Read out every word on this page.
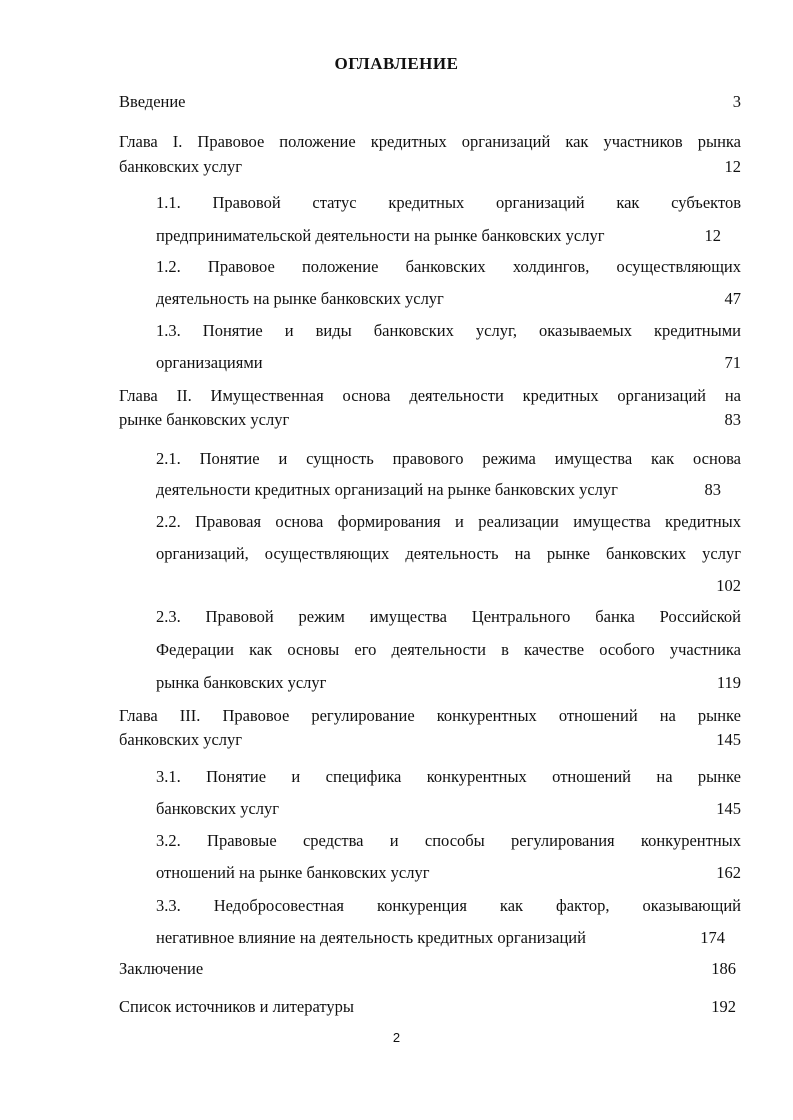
ОГЛАВЛЕНИЕ
Введение	3
Глава I. Правовое положение кредитных организаций как участников рынка
банковских услуг	12
1.1. Правовой статус кредитных организаций как субъектов
предпринимательской деятельности на рынке банковских услуг	12
1.2. Правовое положение банковских холдингов, осуществляющих
деятельность на рынке банковских услуг	47
1.3. Понятие и виды банковских услуг, оказываемых кредитными
организациями	71
Глава II. Имущественная основа деятельности кредитных организаций на
рынке банковских услуг	83
2.1. Понятие и сущность правового режима имущества как основа
деятельности кредитных организаций на рынке банковских услуг	83
2.2. Правовая основа формирования и реализации имущества кредитных
организаций, осуществляющих деятельность на рынке банковских услуг
102
2.3. Правовой режим имущества Центрального банка Российской
Федерации как основы его деятельности в качестве особого участника
рынка банковских услуг	119
Глава III. Правовое регулирование конкурентных отношений на рынке
банковских услуг	145
3.1. Понятие и специфика конкурентных отношений на рынке
банковских услуг	145
3.2. Правовые средства и способы регулирования конкурентных
отношений на рынке банковских услуг	162
3.3. Недобросовестная конкуренция как фактор, оказывающий
негативное влияние на деятельность кредитных организаций	174
Заключение	186
Список источников и литературы	192
2
